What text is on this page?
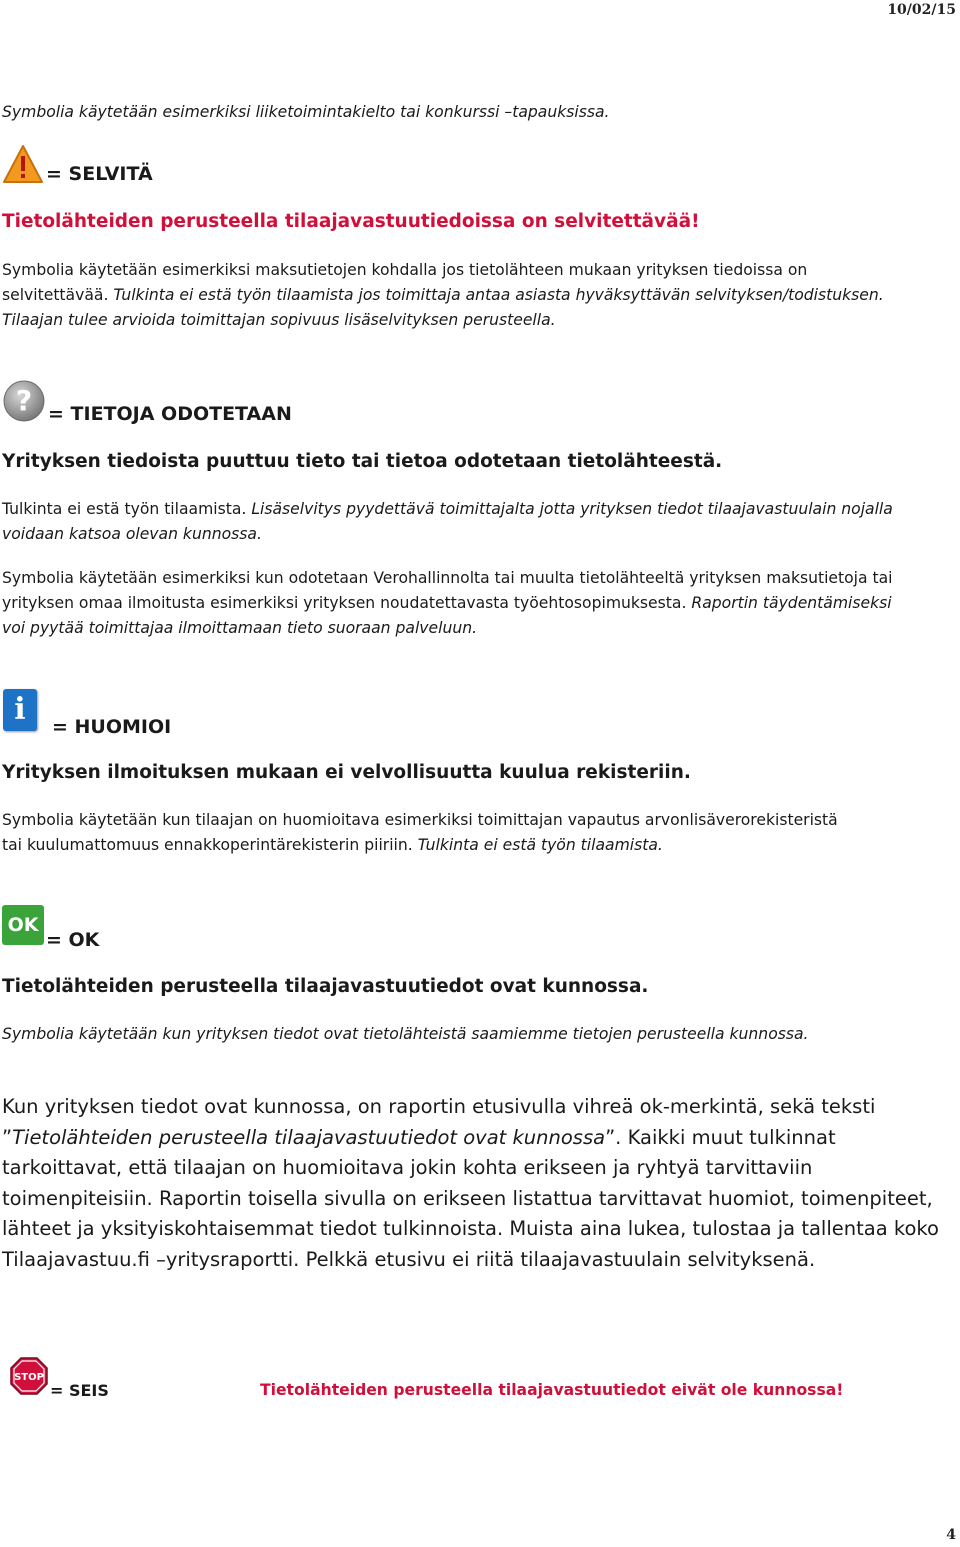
10/02/15
Symbolia käytetään esimerkiksi liiketoimintakielto tai konkurssi –tapauksissa.
= SELVITÄ
Tietolähteiden perusteella tilaajavastuutiedoissa on selvitettävää!
Symbolia käytetään esimerkiksi maksutietojen kohdalla jos tietolähteen mukaan yrityksen tiedoissa on selvitettävää. Tulkinta ei estä työn tilaamista jos toimittaja antaa asiasta hyväksyttävän selvityksen/todistuksen. Tilaajan tulee arvioida toimittajan sopivuus lisäselvityksen perusteella.
? = TIETOJA ODOTETAAN
Yrityksen tiedoista puuttuu tieto tai tietoa odotetaan tietolähteestä.
Tulkinta ei estä työn tilaamista. Lisäselvitys pyydettävä toimittajalta jotta yrityksen tiedot tilaajavastuulain nojalla voidaan katsoa olevan kunnossa.
Symbolia käytetään esimerkiksi kun odotetaan Verohallinnolta tai muulta tietolähteeltä yrityksen maksutietoja tai yrityksen omaa ilmoitusta esimerkiksi yrityksen noudatettavasta työehtosopimuksesta. Raportin täydentämiseksi voi pyytää toimittajaa ilmoittamaan tieto suoraan palveluun.
i	= HUOMIOI
Yrityksen ilmoituksen mukaan ei velvollisuutta kuulua rekisteriin.
Symbolia käytetään kun tilaajan on huomioitava esimerkiksi toimittajan vapautus arvonlisäverorekisteristä tai kuulumattomuus ennakkoperintärekisterin piiriin. Tulkinta ei estä työn tilaamista.
OK
= OK
Tietolähteiden perusteella tilaajavastuutiedot ovat kunnossa.
Symbolia käytetään kun yrityksen tiedot ovat tietolähteistä saamiemme tietojen perusteella kunnossa.
Kun yrityksen tiedot ovat kunnossa, on raportin etusivulla vihreä ok-merkintä, sekä teksti ”Tietolähteiden perusteella tilaajavastuutiedot ovat kunnossa”. Kaikki muut tulkinnat tarkoittavat, että tilaajan on huomioitava jokin kohta erikseen ja ryhtyä tarvittaviin toimenpiteisiin. Raportin toisella sivulla on erikseen listattua tarvittavat huomiot, toimenpiteet, lähteet ja yksityiskohtaisemmat tiedot tulkinnoista. Muista aina lukea, tulostaa ja tallentaa koko Tilaajavastuu.fi –yritysraportti. Pelkkä etusivu ei riitä tilaajavastuulain selvityksenä.
STOP
= SEIS	Tietolähteiden perusteella tilaajavastuutiedot eivät ole kunnossa!
4
